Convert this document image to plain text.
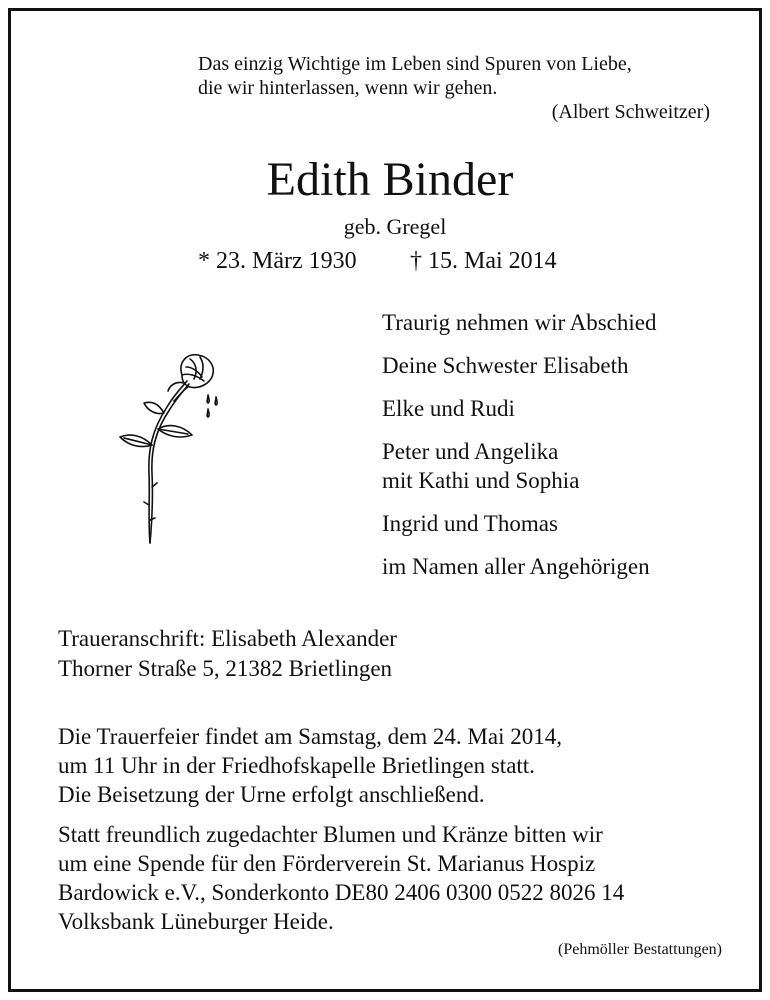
Das einzig Wichtige im Leben sind Spuren von Liebe,
die wir hinterlassen, wenn wir gehen.
(Albert Schweitzer)
Edith Binder
geb. Gregel
* 23. März 1930 † 15. Mai 2014

Traurig nehmen wir Abschied

Deine Schwester Elisabeth

Elke und Rudi

Peter und Angelika

mit Kathi und Sophia

Ingrid und Thomas

im Namen aller Angehörigen

Traueranschrift: Elisabeth Alexander
Thorner Straße 5, 21382 Brietlingen
Die Trauerfeier findet am Samstag, dem 24. Mai 2014,
um 11 Uhr in der Friedhofskapelle Brietlingen statt.
Die Beisetzung der Urne erfolgt anschließend.
Statt freundlich zugedachter Blumen und Kränze bitten wir
um eine Spende für den Förderverein St. Marianus Hospiz
Bardowick e.V., Sonderkonto DE80 2406 0300 0522 8026 14
Volksbank Lüneburger Heide.
(Pehmöller Bestattungen)
